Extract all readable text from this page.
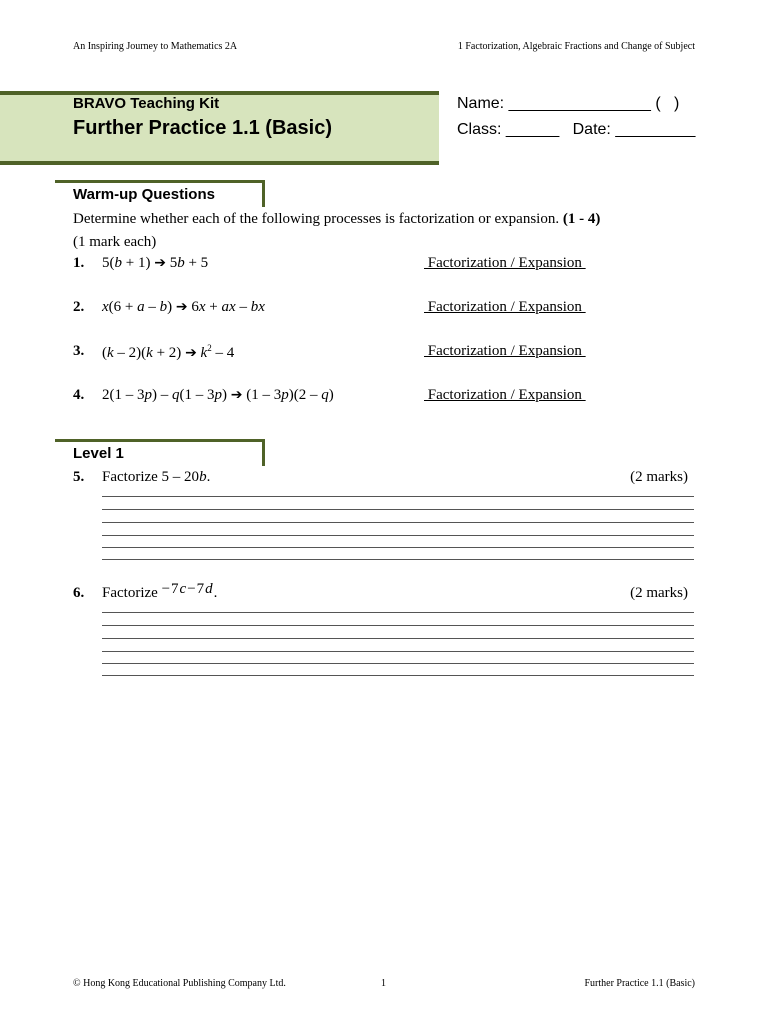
An Inspiring Journey to Mathematics 2A	1 Factorization, Algebraic Fractions and Change of Subject
BRAVO Teaching Kit
Further Practice 1.1 (Basic)
Name: ________________ (   )
Class: ______   Date: _________
Warm-up Questions
Determine whether each of the following processes is factorization or expansion. (1 - 4)
(1 mark each)
1. 5(b + 1) ➔ 5b + 5	Factorization / Expansion
2. x(6 + a – b) ➔ 6x + ax – bx	Factorization / Expansion
3. (k – 2)(k + 2) ➔ $k^2 - 4$	Factorization / Expansion
4. 2(1 – 3p) – q(1 – 3p) ➔ (1 – 3p)(2 – q)	Factorization / Expansion
Level 1
5. Factorize 5 – 20b.	(2 marks)
6. Factorize −7c−7d.	(2 marks)
© Hong Kong Educational Publishing Company Ltd.	1	Further Practice 1.1 (Basic)
